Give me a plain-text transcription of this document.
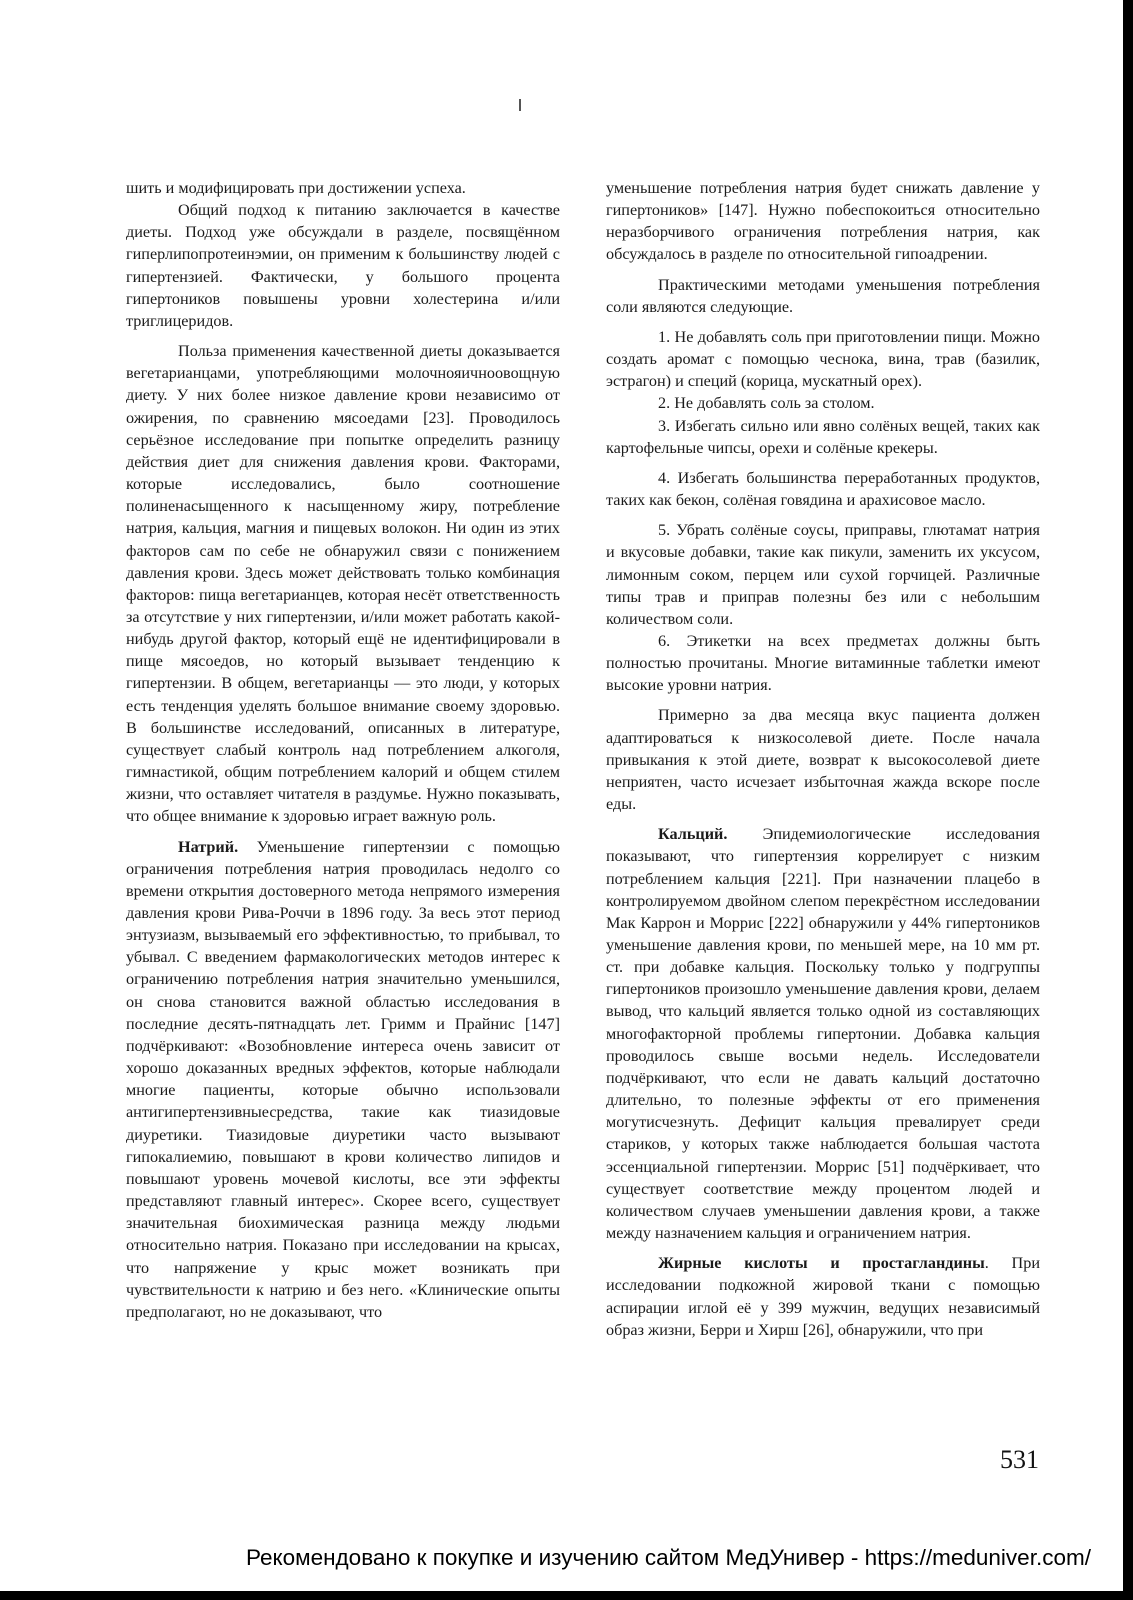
шить и модифицировать при достижении успеха.

Общий подход к питанию заключается в качестве диеты. Подход уже обсуждали в разделе, посвящённом гиперлипопротеинэмии, он применим к большинству людей с гипертензией. Фактически, у большого процента гипертоников повышены уровни холестерина и/или триглицеридов.

Польза применения качественной диеты доказывается вегетарианцами, употребляющими молочнояичноовощную диету. У них более низкое давление крови независимо от ожирения, по сравнению мясоедами [23]. Проводилось серьёзное исследование при попытке определить разницу действия диет для снижения давления крови. Факторами, которые исследовались, было соотношение полиненасыщенного к насыщенному жиру, потребление натрия, кальция, магния и пищевых волокон. Ни один из этих факторов сам по себе не обнаружил связи с понижением давления крови. Здесь может действовать только комбинация факторов: пища вегетарианцев, которая несёт ответственность за отсутствие у них гипертензии, и/или может работать какой-нибудь другой фактор, который ещё не идентифицировали в пище мясоедов, но который вызывает тенденцию к гипертензии. В общем, вегетарианцы — это люди, у которых есть тенденция уделять большое внимание своему здоровью. В большинстве исследований, описанных в литературе, существует слабый контроль над потреблением алкоголя, гимнастикой, общим потреблением калорий и общем стилем жизни, что оставляет читателя в раздумье. Нужно показывать, что общее внимание к здоровью играет важную роль.

Натрий. Уменьшение гипертензии с помощью ограничения потребления натрия проводилась недолго со времени открытия достоверного метода непрямого измерения давления крови Рива-Роччи в 1896 году. За весь этот период энтузиазм, вызываемый его эффективностью, то прибывал, то убывал. С введением фармакологических методов интерес к ограничению потребления натрия значительно уменьшился, он снова становится важной областью исследования в последние десять-пятнадцать лет. Гримм и Прайнис [147] подчёркивают: «Возобновление интереса очень зависит от хорошо доказанных вредных эффектов, которые наблюдали многие пациенты, которые обычно использовали антигипертензивныесредства, такие как тиазидовые диуретики. Тиазидовые диуретики часто вызывают гипокалиемию, повышают в крови количество липидов и повышают уровень мочевой кислоты, все эти эффекты представляют главный интерес». Скорее всего, существует значительная биохимическая разница между людьми относительно натрия. Показано при исследовании на крысах, что напряжение у крыс может возникать при чувствительности к натрию и без него. «Клинические опыты предполагают, но не доказывают, что

уменьшение потребления натрия будет снижать давление у гипертоников» [147]. Нужно побеспокоиться относительно неразборчивого ограничения потребления натрия, как обсуждалось в разделе по относительной гипоадрении.

Практическими методами уменьшения потребления соли являются следующие.

1. Не добавлять соль при приготовлении пищи. Можно создать аромат с помощью чеснока, вина, трав (базилик, эстрагон) и специй (корица, мускатный орех).

2. Не добавлять соль за столом.

3. Избегать сильно или явно солёных вещей, таких как картофельные чипсы, орехи и солёные крекеры.

4. Избегать большинства переработанных продуктов, таких как бекон, солёная говядина и арахисовое масло.

5. Убрать солёные соусы, приправы, глютамат натрия и вкусовые добавки, такие как пикули, заменить их уксусом, лимонным соком, перцем или сухой горчицей. Различные типы трав и приправ полезны без или с небольшим количеством соли.

6. Этикетки на всех предметах должны быть полностью прочитаны. Многие витаминные таблетки имеют высокие уровни натрия.

Примерно за два месяца вкус пациента должен адаптироваться к низкосолевой диете. После начала привыкания к этой диете, возврат к высокосолевой диете неприятен, часто исчезает избыточная жажда вскоре после еды.

Кальций. Эпидемиологические исследования показывают, что гипертензия коррелирует с низким потреблением кальция [221]. При назначении плацебо в контролируемом двойном слепом перекрёстном исследовании Мак Каррон и Моррис [222] обнаружили у 44% гипертоников уменьшение давления крови, по меньшей мере, на 10 мм рт. ст. при добавке кальция. Поскольку только у подгруппы гипертоников произошло уменьшение давления крови, делаем вывод, что кальций является только одной из составляющих многофакторной проблемы гипертонии. Добавка кальция проводилось свыше восьми недель. Исследователи подчёркивают, что если не давать кальций достаточно длительно, то полезные эффекты от его применения могутисчезнуть. Дефицит кальция превалирует среди стариков, у которых также наблюдается большая частота эссенциальной гипертензии. Моррис [51] подчёркивает, что существует соответствие между процентом людей и количеством случаев уменьшении давления крови, а также между назначением кальция и ограничением натрия.

Жирные кислоты и простагландины. При исследовании подкожной жировой ткани с помощью аспирации иглой её у 399 мужчин, ведущих независимый образ жизни, Берри и Хирш [26], обнаружили, что при

531
Рекомендовано к покупке и изучению сайтом МедУнивер - https://meduniver.com/
